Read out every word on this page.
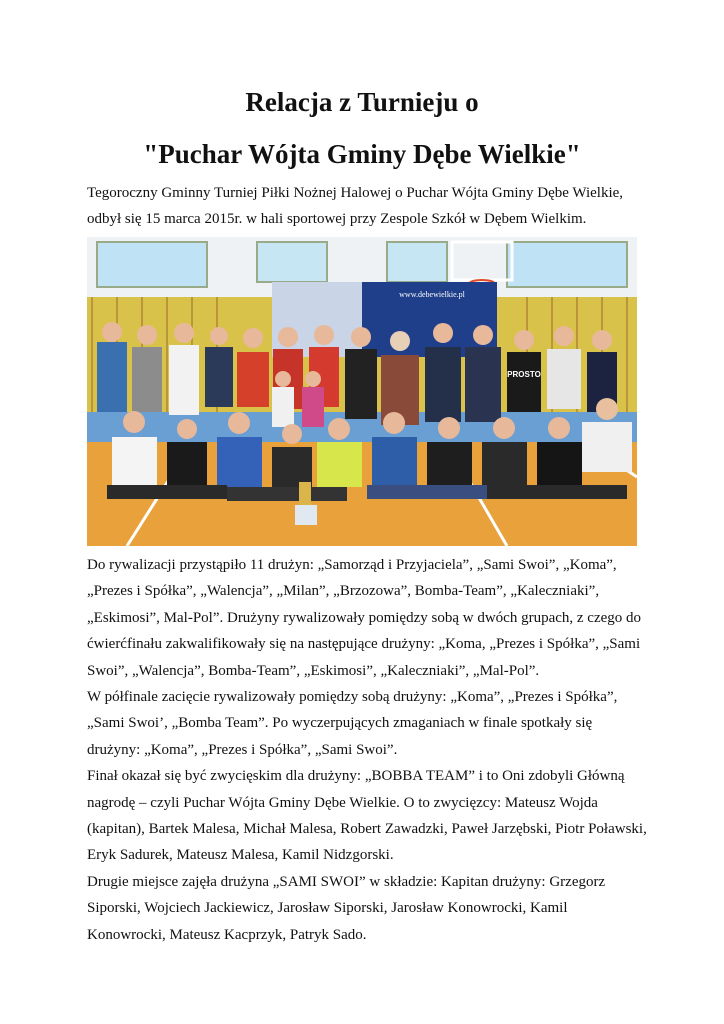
Relacja z Turnieju o
"Puchar Wójta Gminy Dębe Wielkie"
Tegoroczny Gminny Turniej Piłki Nożnej Halowej o Puchar Wójta Gminy Dębe Wielkie,
odbył się 15 marca 2015r. w hali sportowej przy Zespole Szkół w Dębem Wielkim.
www.debewielkie.pl
PROSTO

Do rywalizacji przystąpiło 11 drużyn: „Samorząd i Przyjaciela”, „Sami Swoi”, „Koma”, „Prezes i Spółka”, „Walencja”, „Milan”, „Brzozowa”, Bomba-Team”, „Kaleczniaki”, „Eskimosi”, Mal-Pol”. Drużyny rywalizowały pomiędzy sobą w dwóch grupach, z czego do ćwierćfinału zakwalifikowały się na następujące drużyny: „Koma, „Prezes i Spółka”, „Sami Swoi”, „Walencja”, Bomba-Team”, „Eskimosi”, „Kaleczniaki”, „Mal-Pol”.

W półfinale zacięcie rywalizowały pomiędzy sobą drużyny: „Koma”, „Prezes i Spółka”, „Sami Swoi’, „Bomba Team”. Po wyczerpujących zmaganiach w finale spotkały się drużyny: „Koma”, „Prezes i Spółka”, „Sami Swoi”.

Finał okazał się być zwycięskim dla drużyny: „BOBBA TEAM” i to Oni zdobyli Główną nagrodę – czyli Puchar Wójta Gminy Dębe Wielkie. O to zwycięzcy: Mateusz Wojda (kapitan), Bartek Malesa, Michał Malesa, Robert Zawadzki, Paweł Jarzębski, Piotr Poławski, Eryk Sadurek, Mateusz Malesa, Kamil Nidzgorski.

Drugie miejsce zajęła drużyna „SAMI SWOI” w składzie: Kapitan drużyny: Grzegorz Siporski, Wojciech Jackiewicz, Jarosław Siporski, Jarosław Konowrocki, Kamil Konowrocki, Mateusz Kacprzyk, Patryk Sado.
